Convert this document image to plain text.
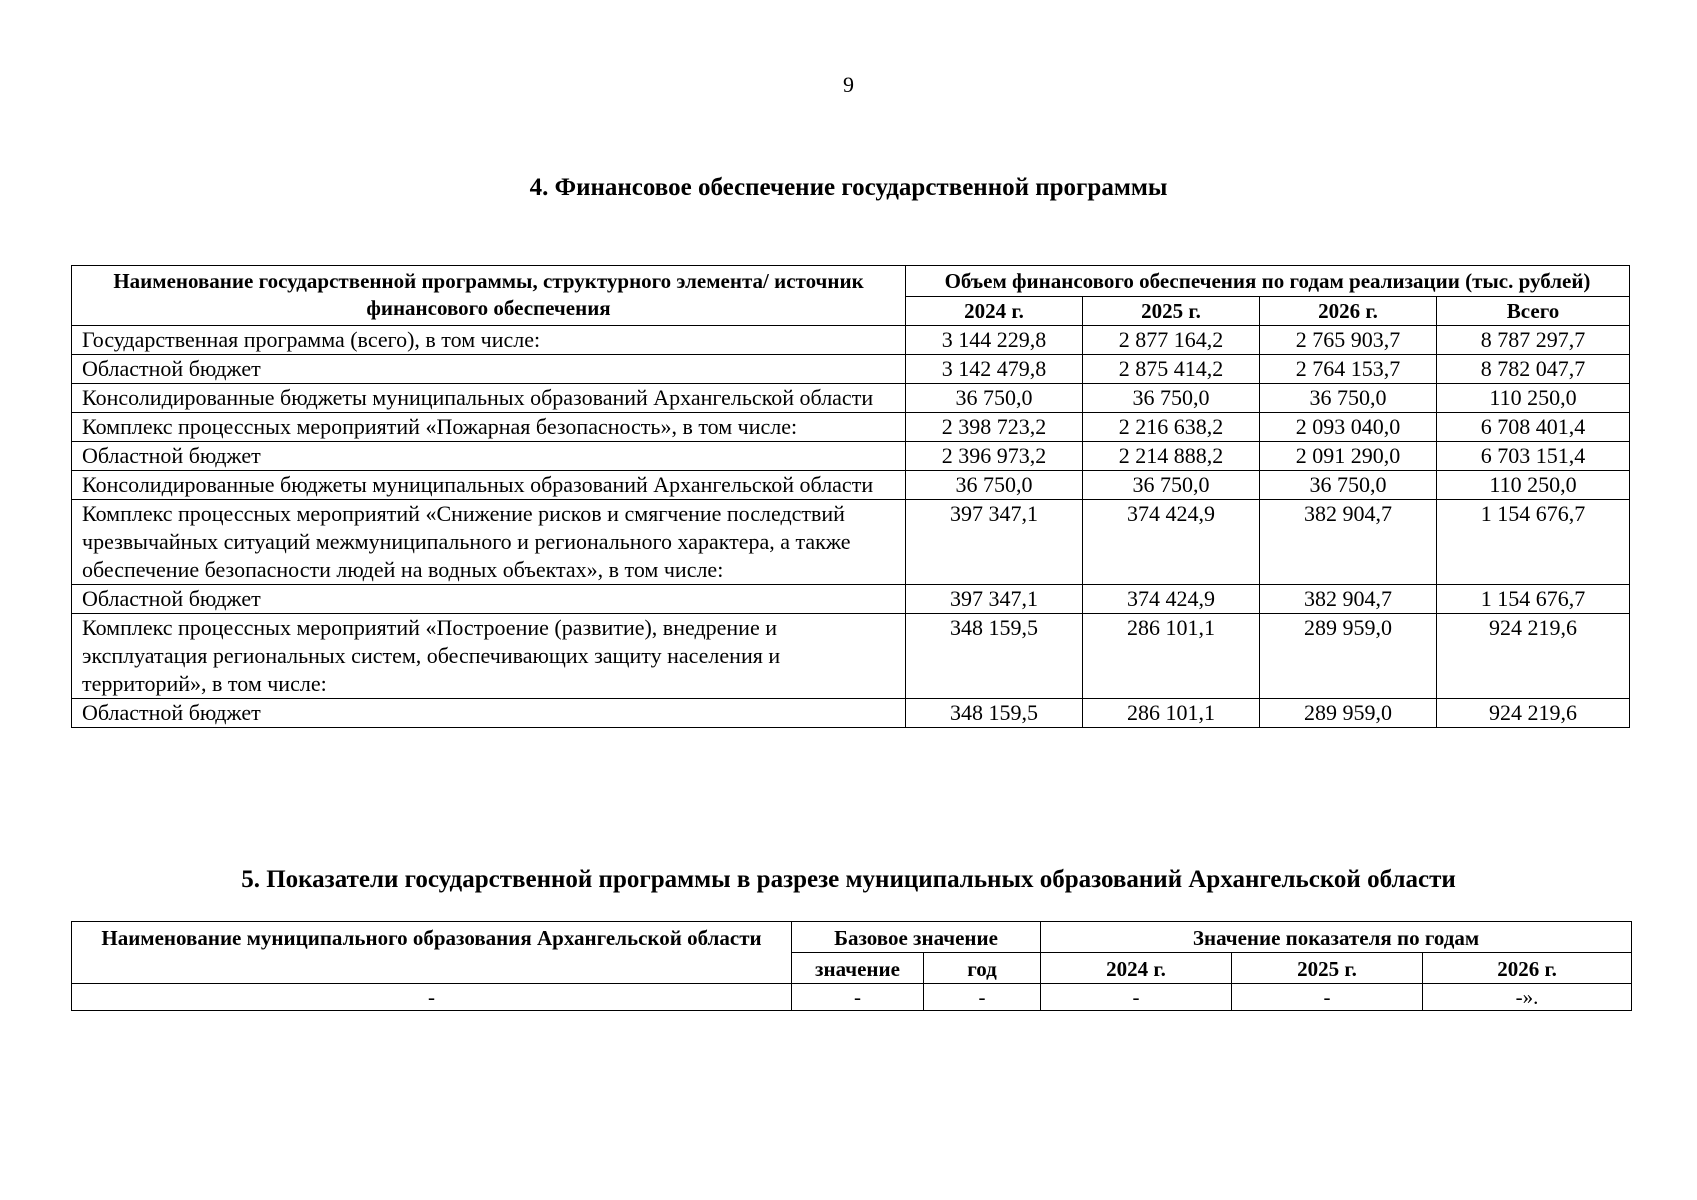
9
4. Финансовое обеспечение государственной программы
Наименование государственной программы, структурного элемента/ источник финансового обеспечения	Объем финансового обеспечения по годам реализации (тыс. рублей)			
	2024 г.	2025 г.	2026 г.	Всего
Государственная программа (всего), в том числе:	3 144 229,8	2 877 164,2	2 765 903,7	8 787 297,7
Областной бюджет	3 142 479,8	2 875 414,2	2 764 153,7	8 782 047,7
Консолидированные бюджеты муниципальных образований Архангельской области	36 750,0	36 750,0	36 750,0	110 250,0
Комплекс процессных мероприятий «Пожарная безопасность», в том числе:	2 398 723,2	2 216 638,2	2 093 040,0	6 708 401,4
Областной бюджет	2 396 973,2	2 214 888,2	2 091 290,0	6 703 151,4
Консолидированные бюджеты муниципальных образований Архангельской области	36 750,0	36 750,0	36 750,0	110 250,0
Комплекс процессных мероприятий «Снижение рисков и смягчение последствий чрезвычайных ситуаций межмуниципального и регионального характера, а также обеспечение безопасности людей на водных объектах», в том числе:	397 347,1	374 424,9	382 904,7	1 154 676,7
Областной бюджет	397 347,1	374 424,9	382 904,7	1 154 676,7
Комплекс процессных мероприятий «Построение (развитие), внедрение и эксплуатация региональных систем, обеспечивающих защиту населения и территорий», в том числе:	348 159,5	286 101,1	289 959,0	924 219,6
Областной бюджет	348 159,5	286 101,1	289 959,0	924 219,6
5. Показатели государственной программы в разрезе муниципальных образований Архангельской области
Наименование муниципального образования Архангельской области	Базовое значение		Значение показателя по годам		
	значение	год	2024 г.	2025 г.	2026 г.
-	-	-	-	-	-».
